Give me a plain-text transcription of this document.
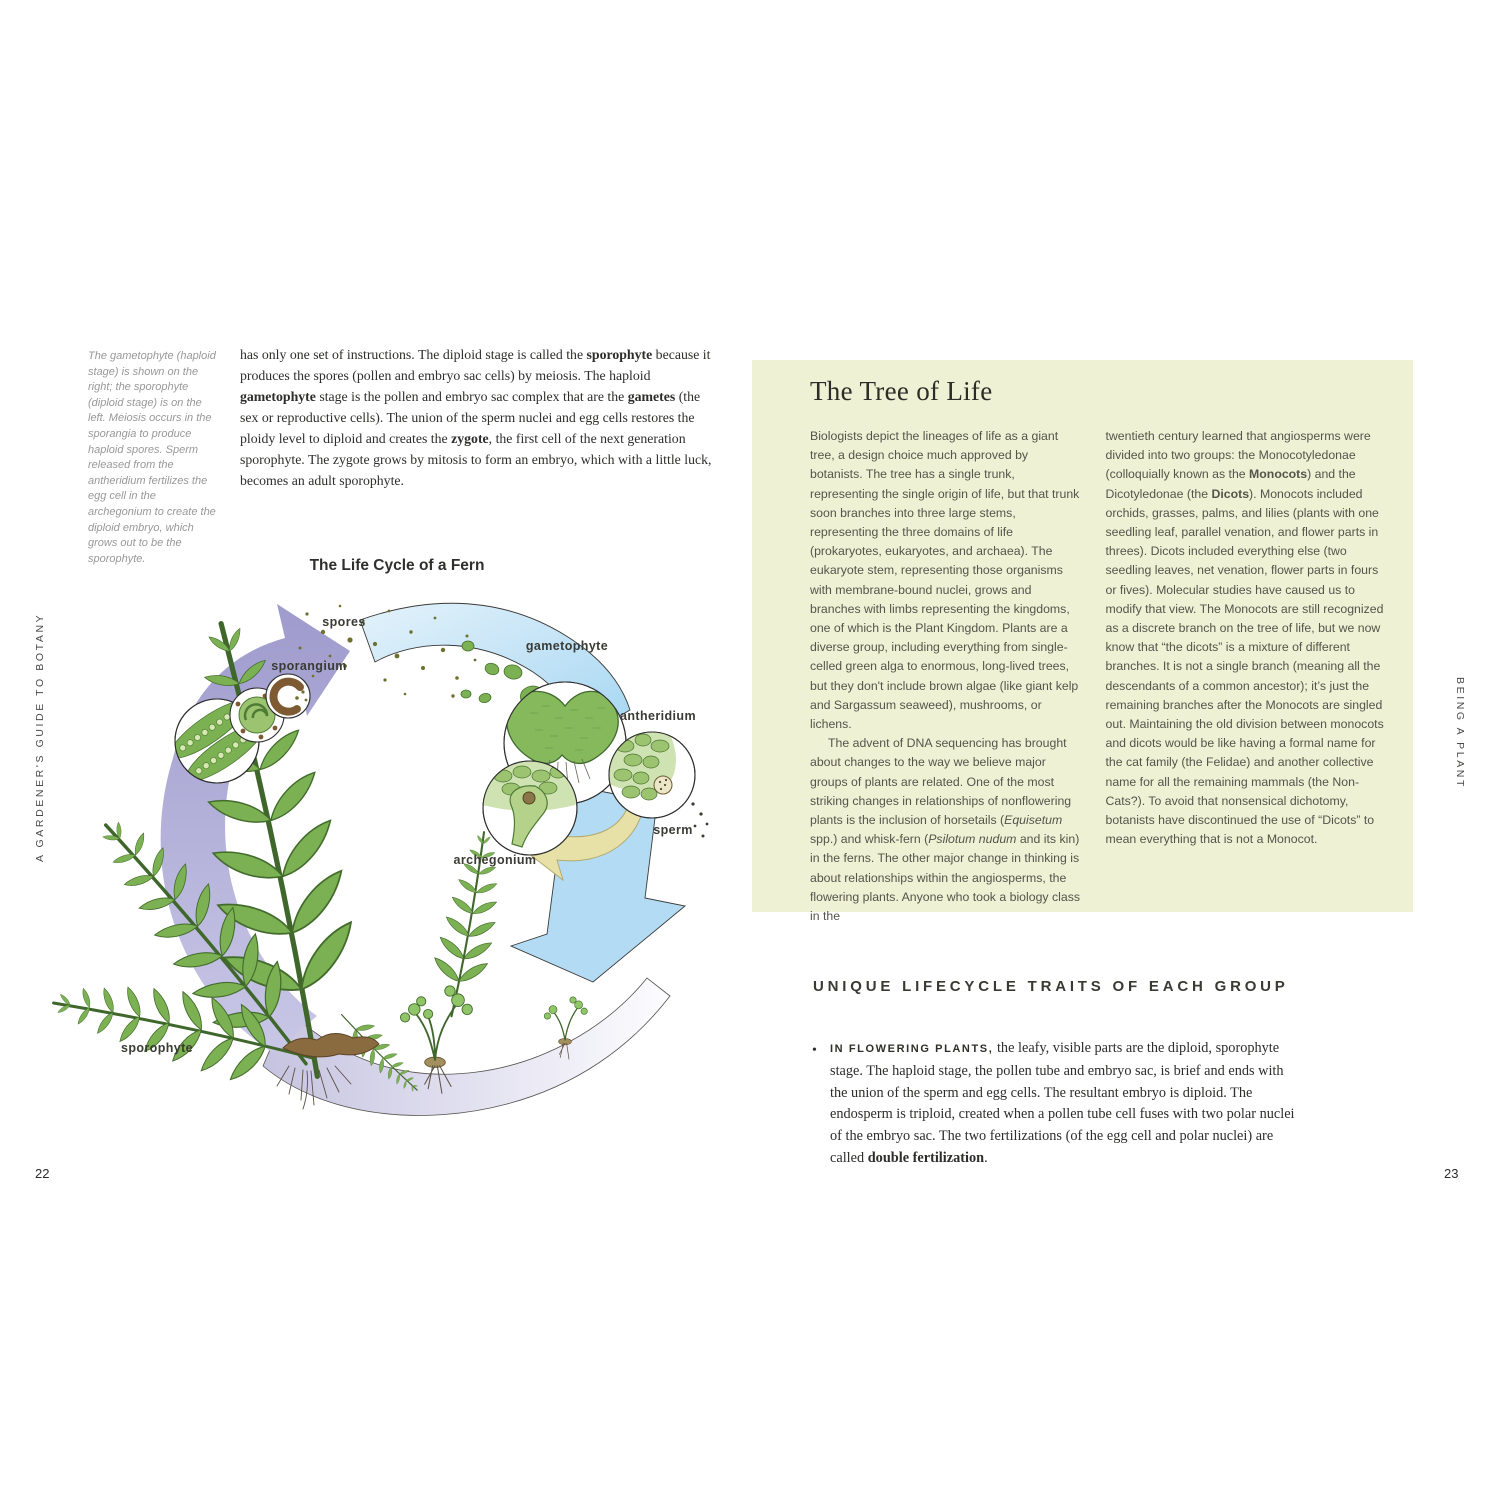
A GARDENER'S GUIDE TO BOTANY
The gametophyte (haploid stage) is shown on the right; the sporophyte (diploid stage) is on the left. Meiosis occurs in the sporangia to produce haploid spores. Sperm released from the antheridium fertilizes the egg cell in the archegonium to create the diploid embryo, which grows out to be the sporophyte.

has only one set of instructions. The diploid stage is called the sporophyte because it produces the spores (pollen and embryo sac cells) by meiosis. The haploid gametophyte stage is the pollen and embryo sac complex that are the gametes (the sex or reproductive cells). The union of the sperm nuclei and egg cells restores the ploidy level to diploid and creates the zygote, the first cell of the next generation sporophyte. The zygote grows by mitosis to form an embryo, which with a little luck, becomes an adult sporophyte.

The Life Cycle of a Fern
spores
sporangium
gametophyte
antheridium
sperm
archegonium
sporophyte
22
The Tree of Life

Biologists depict the lineages of life as a giant tree, a design choice much approved by botanists. The tree has a single trunk, representing the single origin of life, but that trunk soon branches into three large stems, representing the three domains of life (prokaryotes, eukaryotes, and archaea). The eukaryote stem, representing those organisms with membrane-bound nuclei, grows and branches with limbs representing the kingdoms, one of which is the Plant Kingdom. Plants are a diverse group, including everything from single-celled green alga to enormous, long-lived trees, but they don't include brown algae (like giant kelp and Sargassum seaweed), mushrooms, or lichens.

The advent of DNA sequencing has brought about changes to the way we believe major groups of plants are related. One of the most striking changes in relationships of nonflowering plants is the inclusion of horsetails (Equisetum spp.) and whisk-fern (Psilotum nudum and its kin) in the ferns. The other major change in thinking is about relationships within the angiosperms, the flowering plants. Anyone who took a biology class in the

twentieth century learned that angiosperms were divided into two groups: the Monocotyledonae (colloquially known as the Monocots) and the Dicotyledonae (the Dicots). Monocots included orchids, grasses, palms, and lilies (plants with one seedling leaf, parallel venation, and flower parts in threes). Dicots included everything else (two seedling leaves, net venation, flower parts in fours or fives). Molecular studies have caused us to modify that view. The Monocots are still recognized as a discrete branch on the tree of life, but we now know that “the dicots” is a mixture of different branches. It is not a single branch (meaning all the descendants of a common ancestor); it’s just the remaining branches after the Monocots are singled out. Maintaining the old division between monocots and dicots would be like having a formal name for the cat family (the Felidae) and another collective name for all the remaining mammals (the Non-Cats?). To avoid that nonsensical dichotomy, botanists have discontinued the use of “Dicots” to mean everything that is not a Monocot.

UNIQUE LIFECYCLE TRAITS OF EACH GROUP

• IN FLOWERING PLANTS, the leafy, visible parts are the diploid, sporophyte stage. The haploid stage, the pollen tube and embryo sac, is brief and ends with the union of the sperm and egg cells. The resultant embryo is diploid. The endosperm is triploid, created when a pollen tube cell fuses with two polar nuclei of the embryo sac. The two fertilizations (of the egg cell and polar nuclei) are called double fertilization.

BEING A PLANT
23
